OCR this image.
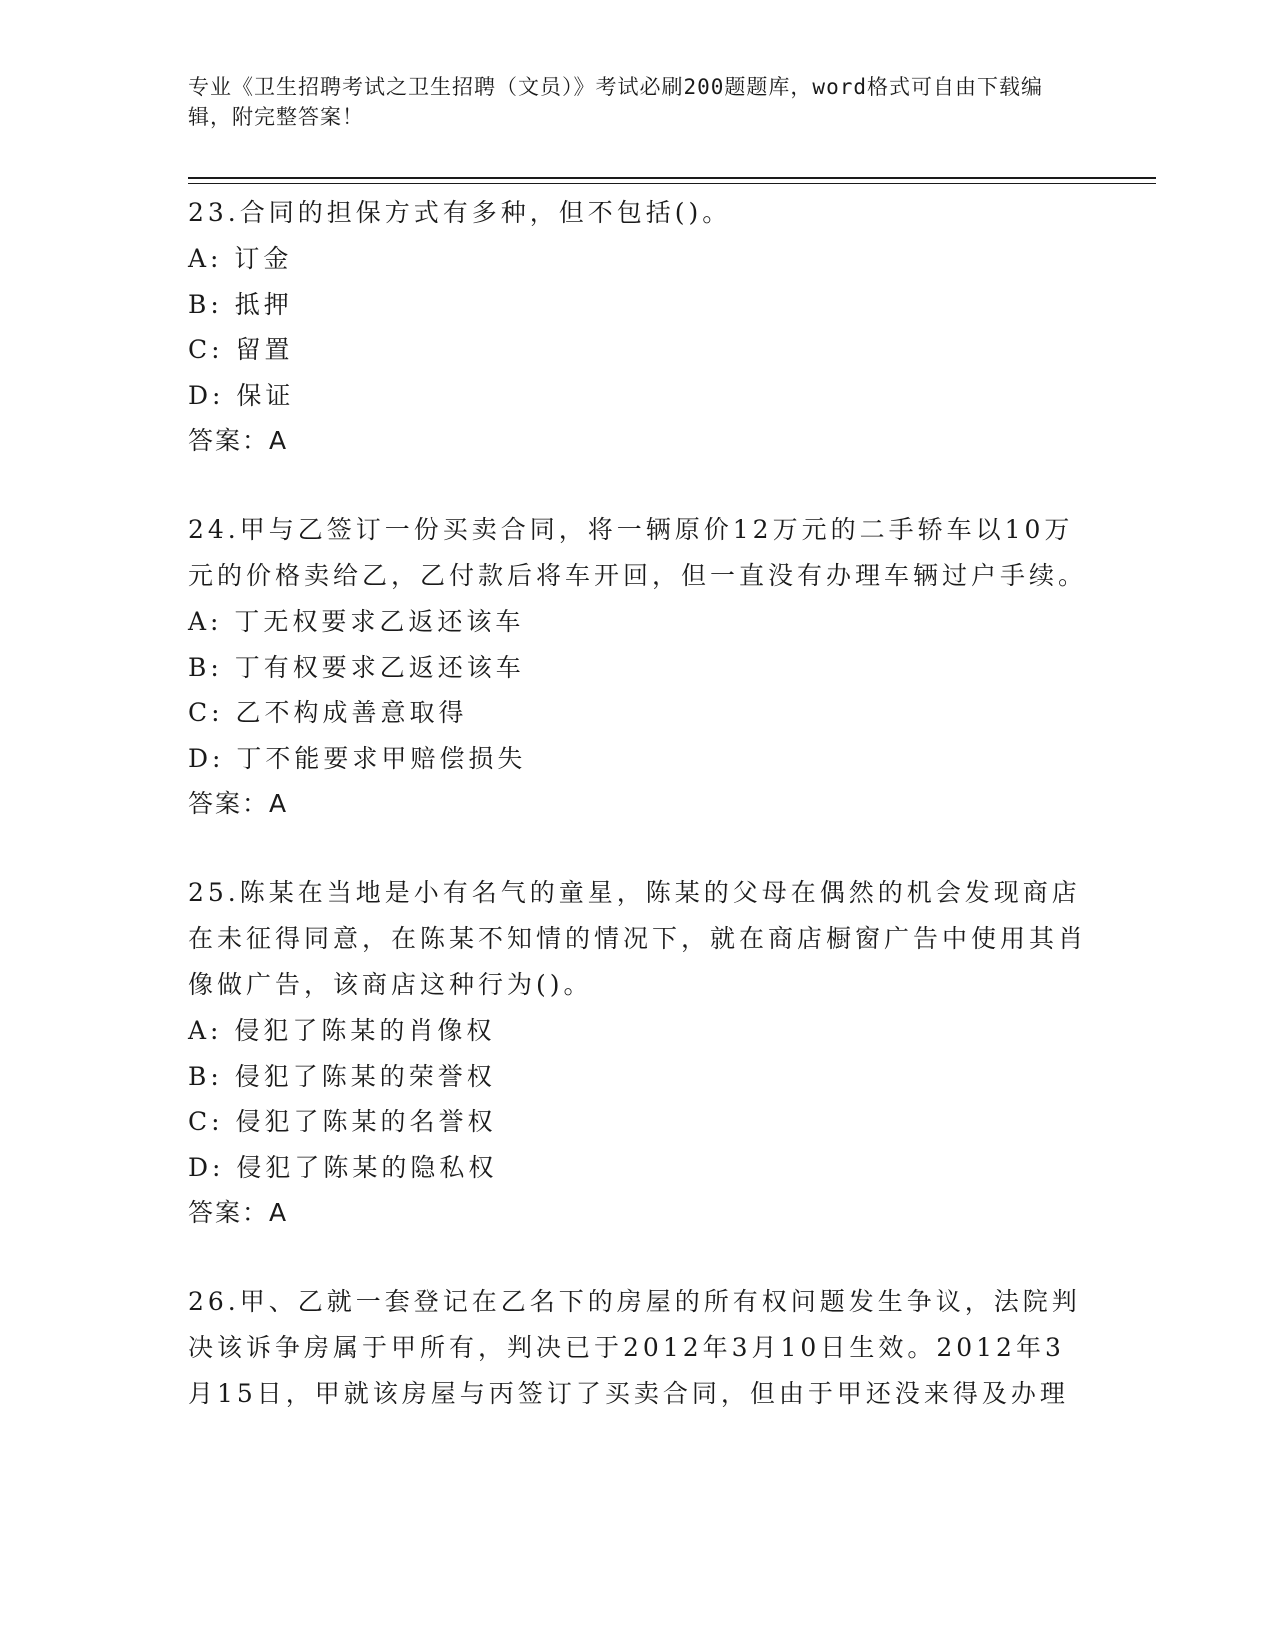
专业《卫生招聘考试之卫生招聘（文员）》考试必刷200题题库，word格式可自由下载编辑，附完整答案！

23.合同的担保方式有多种，但不包括()。

A: 订金

B: 抵押

C: 留置

D: 保证

答案：A

24.甲与乙签订一份买卖合同，将一辆原价12万元的二手轿车以10万元的价格卖给乙，乙付款后将车开回，但一直没有办理车辆过户手续。

A: 丁无权要求乙返还该车

B: 丁有权要求乙返还该车

C: 乙不构成善意取得

D: 丁不能要求甲赔偿损失

答案：A

25.陈某在当地是小有名气的童星，陈某的父母在偶然的机会发现商店在未征得同意，在陈某不知情的情况下，就在商店橱窗广告中使用其肖像做广告，该商店这种行为()。

A: 侵犯了陈某的肖像权

B: 侵犯了陈某的荣誉权

C: 侵犯了陈某的名誉权

D: 侵犯了陈某的隐私权

答案：A

26.甲、乙就一套登记在乙名下的房屋的所有权问题发生争议，法院判决该诉争房属于甲所有，判决已于2012年3月10日生效。2012年3月15日，甲就该房屋与丙签订了买卖合同，但由于甲还没来得及办理
